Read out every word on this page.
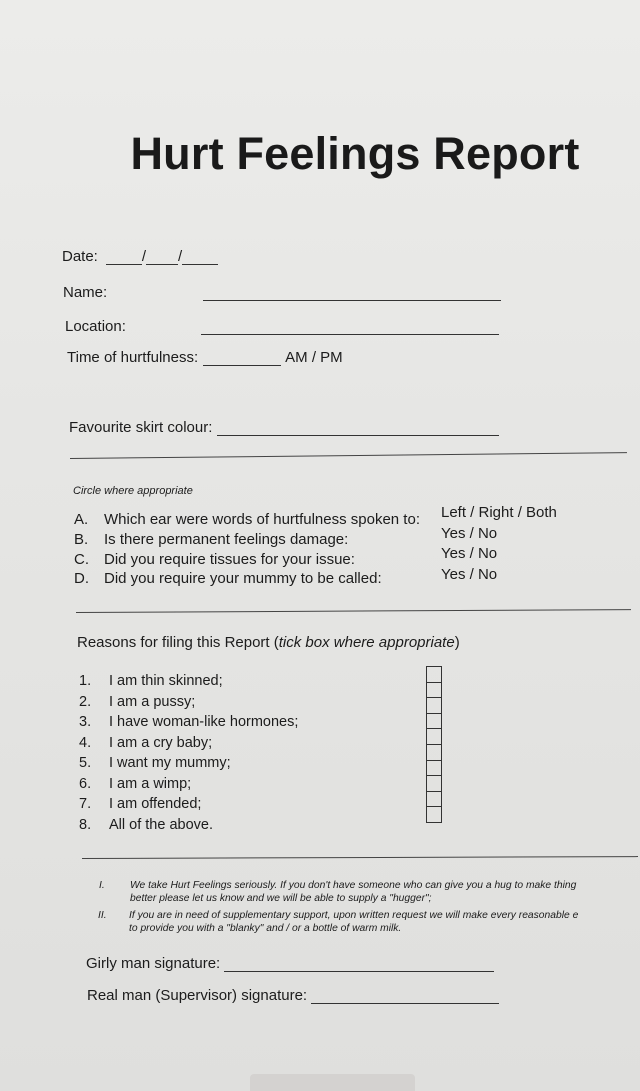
Hurt Feelings Report
Date:	/ /
Name:
Location:
Time of hurtfulness:	AM / PM
Favourite skirt colour:
Circle where appropriate
A. Which ear were words of hurtfulness spoken to: Left / Right / Both
B. Is there permanent feelings damage:	Yes / No
C. Did you require tissues for your issue:	Yes / No
D. Did you require your mummy to be called:	Yes / No
Reasons for filing this Report (tick box where appropriate)
1. I am thin skinned;
2. I am a pussy;
3. I have woman-like hormones;
4. I am a cry baby;
5. I want my mummy;
6. I am a wimp;
7. I am offended;
8. All of the above.
I. We take Hurt Feelings seriously. If you don't have someone who can give you a hug to make thing
better please let us know and we will be able to supply a "hugger";
II. If you are in need of supplementary support, upon written request we will make every reasonable e
to provide you with a "blanky" and / or a bottle of warm milk.
Girly man signature:
Real man (Supervisor) signature:
